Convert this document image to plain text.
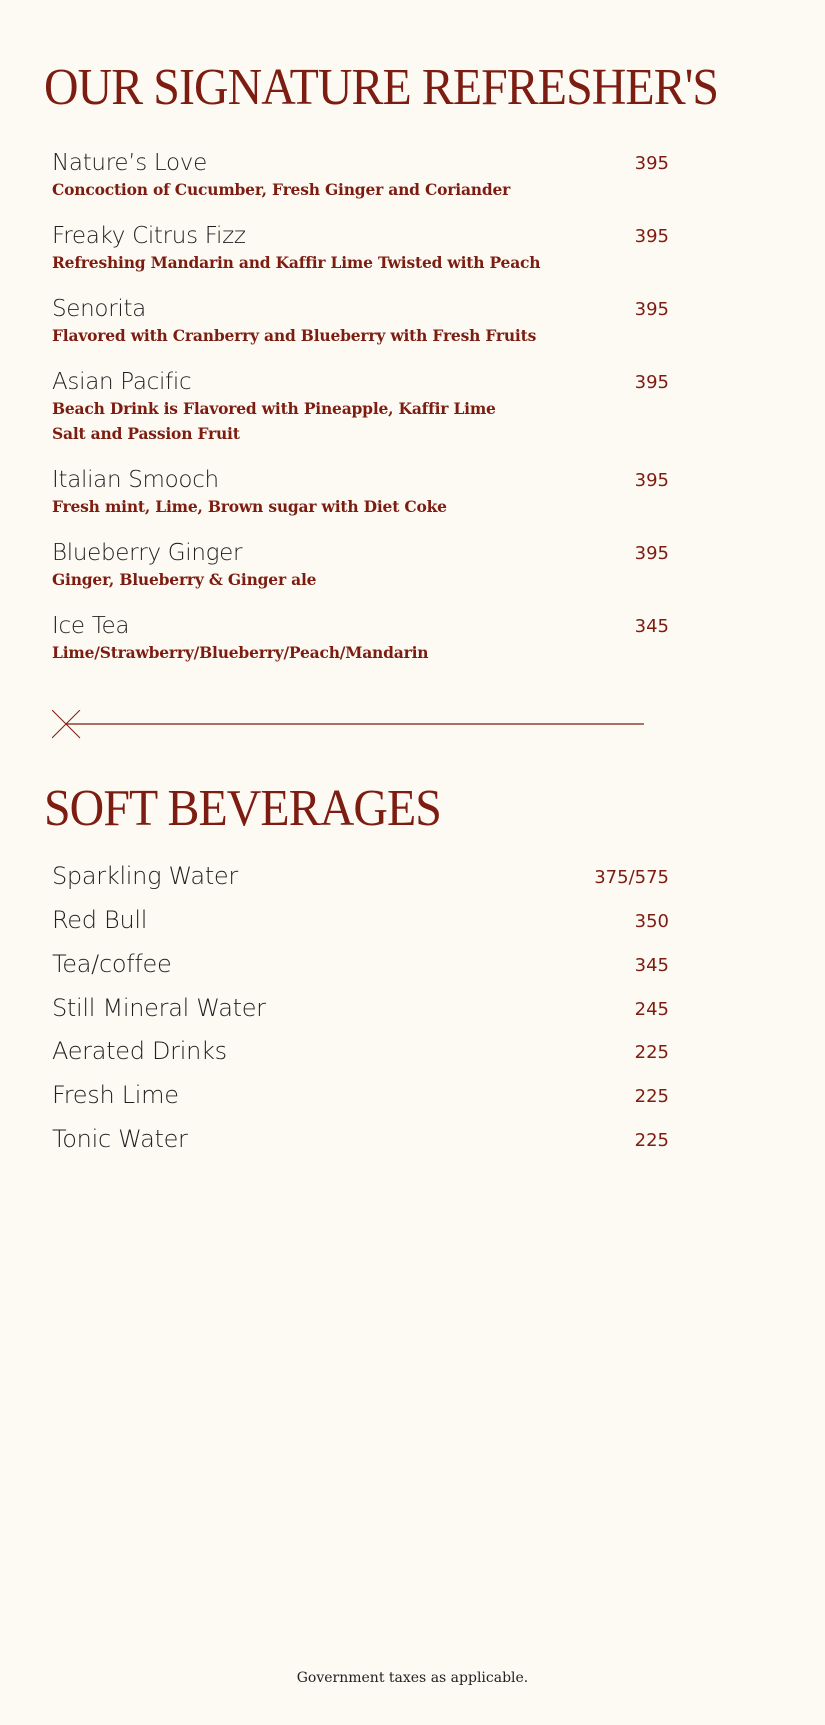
OUR SIGNATURE REFRESHER'S
Nature’s Love	395
Concoction of Cucumber, Fresh Ginger and Coriander
Freaky Citrus Fizz	395
Refreshing Mandarin and Kaffir Lime Twisted with Peach
Senorita	395
Flavored with Cranberry and Blueberry with Fresh Fruits
Asian Pacific	395
Beach Drink is Flavored with Pineapple, Kaffir Lime
Salt and Passion Fruit
Italian Smooch	395
Fresh mint, Lime, Brown sugar with Diet Coke
Blueberry Ginger	395
Ginger, Blueberry & Ginger ale
Ice Tea	345
Lime/Strawberry/Blueberry/Peach/Mandarin
SOFT BEVERAGES
Sparkling Water	375/575
Red Bull	350
Tea/coffee	345
Still Mineral Water	245
Aerated Drinks	225
Fresh Lime	225
Tonic Water	225
Government taxes as applicable.
